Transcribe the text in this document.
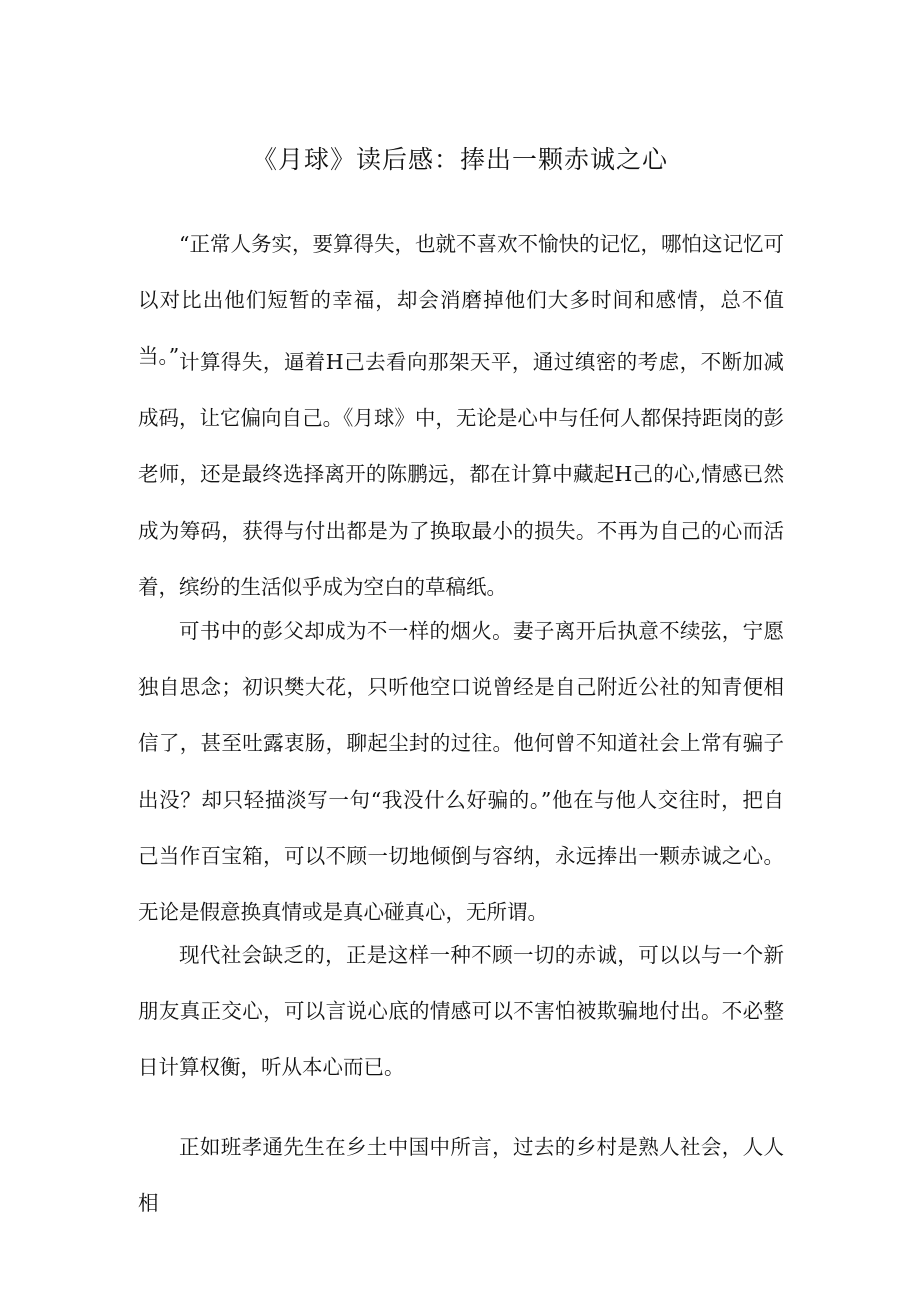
《月球》读后感：捧出一颗赤诚之心

“正常人务实，要算得失，也就不喜欢不愉快的记忆，哪怕这记忆可以对比出他们短暂的幸福，却会消磨掉他们大多时间和感情，总不值当。” 计算得失，逼着H己去看向那架天平，通过缜密的考虑，不断加减成码，让它偏向自己。《月球》中，无论是心中与任何人都保持距岗的彭老师，还是最终选择离开的陈鹏远，都在计算中藏起H己的心,情感已然成为筹码，获得与付出都是为了换取最小的损失。不再为自己的心而活着，缤纷的生活似乎成为空白的草稿纸。

可书中的彭父却成为不一样的烟火。妻子离开后执意不续弦，宁愿独自思念；初识樊大花，只听他空口说曾经是自己附近公社的知青便相信了，甚至吐露衷肠，聊起尘封的过往。他何曾不知道社会上常有骗子出没？却只轻描淡写一句“我没什么好骗的。”他在与他人交往时，把自己当作百宝箱，可以不顾一切地倾倒与容纳，永远捧出一颗赤诚之心。无论是假意换真情或是真心碰真心，无所谓。

现代社会缺乏的，正是这样一种不顾一切的赤诚，可以以与一个新朋友真正交心，可以言说心底的情感可以不害怕被欺骗地付出。不必整日计算权衡，听从本心而已。

正如班孝通先生在乡土中国中所言，过去的乡村是熟人社会，人人相
